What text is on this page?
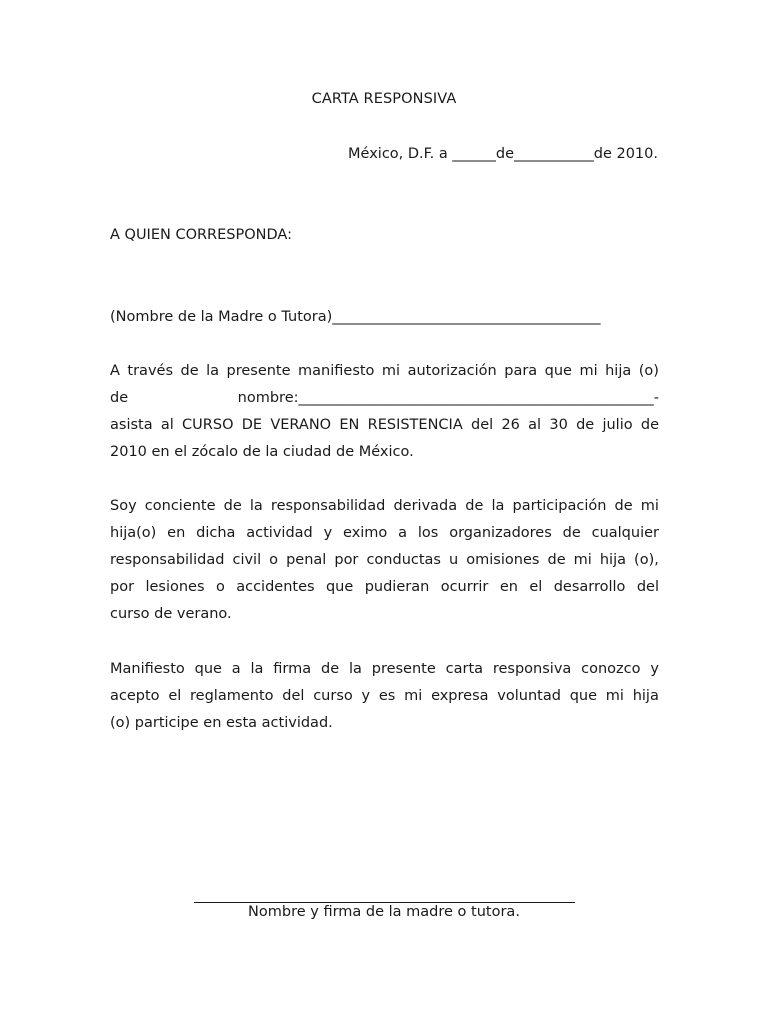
CARTA RESPONSIVA
México, D.F. a ______de___________de 2010.
A QUIEN CORRESPONDA:
(Nombre de la Madre o Tutora)_____________________________________
A través de la presente manifiesto mi autorización para que mi hija (o)
de	nombre:_________________________________________________-
asista al CURSO DE VERANO EN RESISTENCIA del 26 al 30 de julio de
2010 en el zócalo de la ciudad de México.
Soy conciente de la responsabilidad derivada de la participación de mi
hija(o) en dicha actividad y eximo a los organizadores de cualquier
responsabilidad civil o penal por conductas u omisiones de mi hija (o),
por lesiones o accidentes que pudieran ocurrir en el desarrollo del
curso de verano.
Manifiesto que a la firma de la presente carta responsiva conozco y
acepto el reglamento del curso y es mi expresa voluntad que mi hija
(o) participe en esta actividad.
Nombre y firma de la madre o tutora.
